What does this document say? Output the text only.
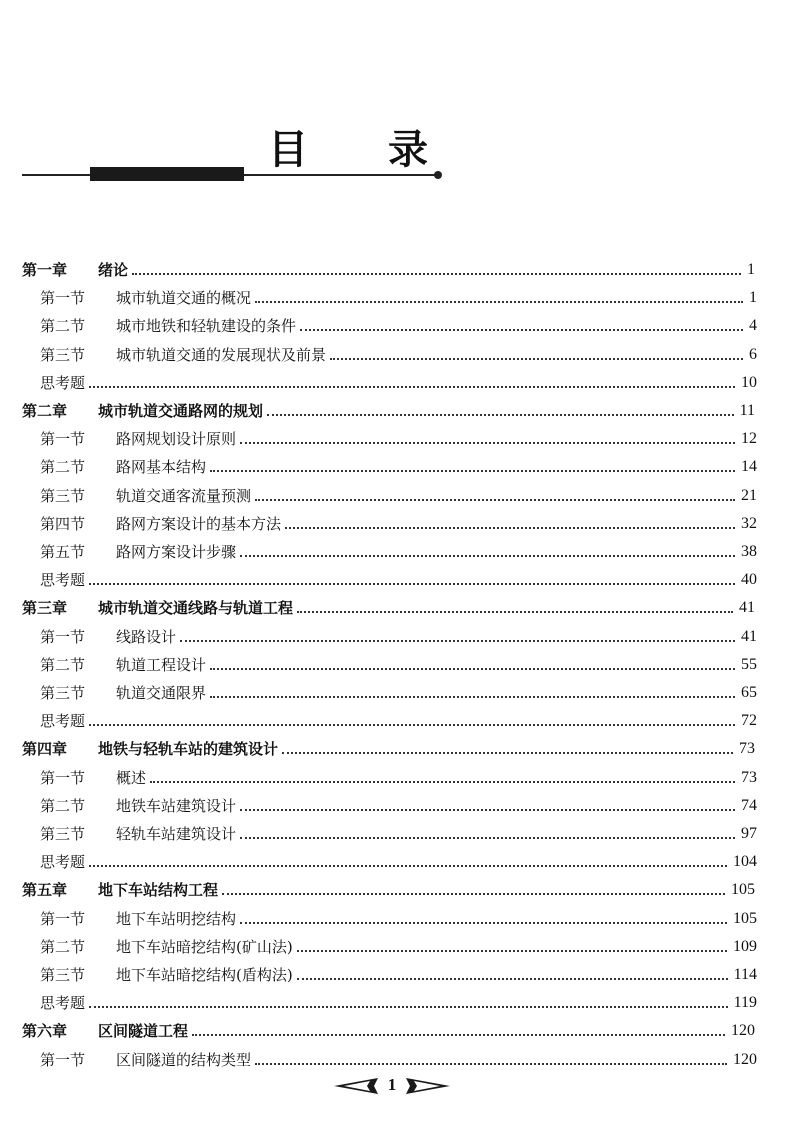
目 录
第一章 绪论	1
第一节 城市轨道交通的概况	1
第二节 城市地铁和轻轨建设的条件	4
第三节 城市轨道交通的发展现状及前景	6
思考题	10
第二章 城市轨道交通路网的规划	11
第一节 路网规划设计原则	12
第二节 路网基本结构	14
第三节 轨道交通客流量预测	21
第四节 路网方案设计的基本方法	32
第五节 路网方案设计步骤	38
思考题	40
第三章 城市轨道交通线路与轨道工程	41
第一节 线路设计	41
第二节 轨道工程设计	55
第三节 轨道交通限界	65
思考题	72
第四章 地铁与轻轨车站的建筑设计	73
第一节 概述	73
第二节 地铁车站建筑设计	74
第三节 轻轨车站建筑设计	97
思考题	104
第五章 地下车站结构工程	105
第一节 地下车站明挖结构	105
第二节 地下车站暗挖结构(矿山法)	109
第三节 地下车站暗挖结构(盾构法)	114
思考题	119
第六章 区间隧道工程	120
第一节 区间隧道的结构类型	120
1
